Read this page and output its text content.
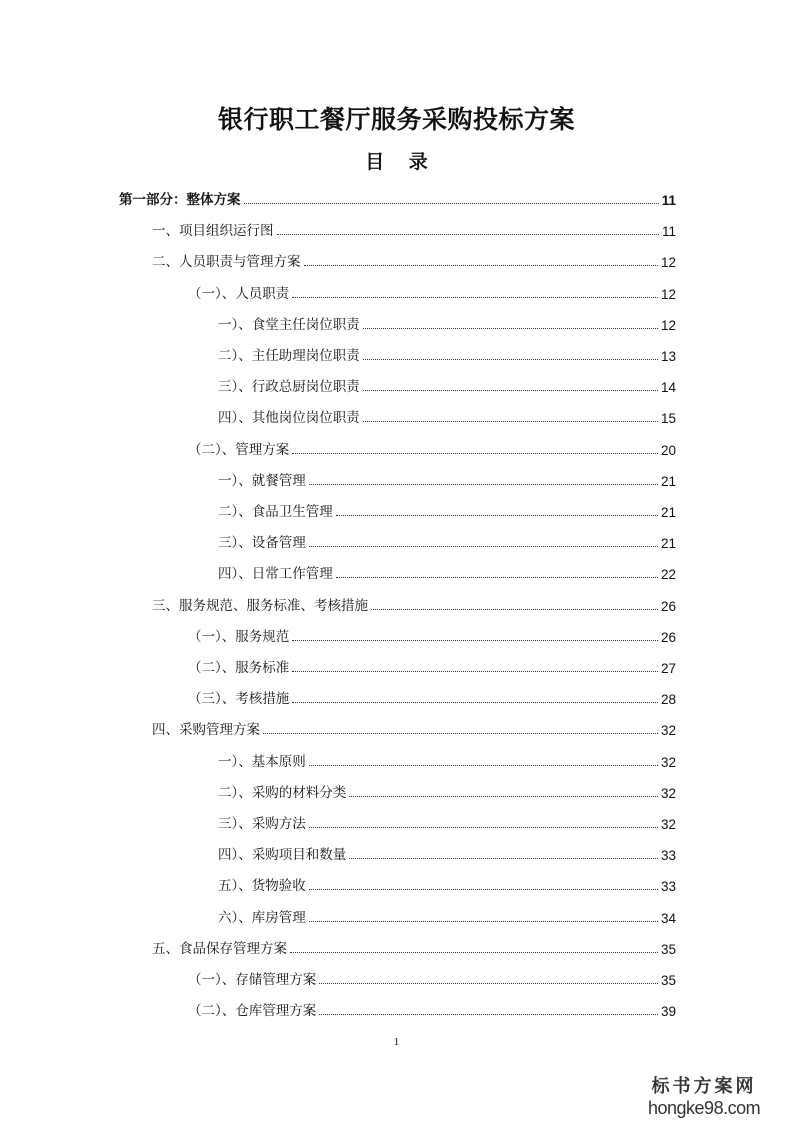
银行职工餐厅服务采购投标方案
目 录
第一部分：整体方案	11
一、项目组织运行图	11
二、人员职责与管理方案	12
（一）、人员职责	12
一）、食堂主任岗位职责	12
二）、主任助理岗位职责	13
三）、行政总厨岗位职责	14
四）、其他岗位岗位职责	15
（二）、管理方案	20
一）、就餐管理	21
二）、食品卫生管理	21
三）、设备管理	21
四）、日常工作管理	22
三、服务规范、服务标准、考核措施	26
（一）、服务规范	26
（二）、服务标准	27
（三）、考核措施	28
四、采购管理方案	32
一）、基本原则	32
二）、采购的材料分类	32
三）、采购方法	32
四）、采购项目和数量	33
五）、货物验收	33
六）、库房管理	34
五、食品保存管理方案	35
（一）、存储管理方案	35
（二）、仓库管理方案	39
1
标书方案网
hongke98.com
